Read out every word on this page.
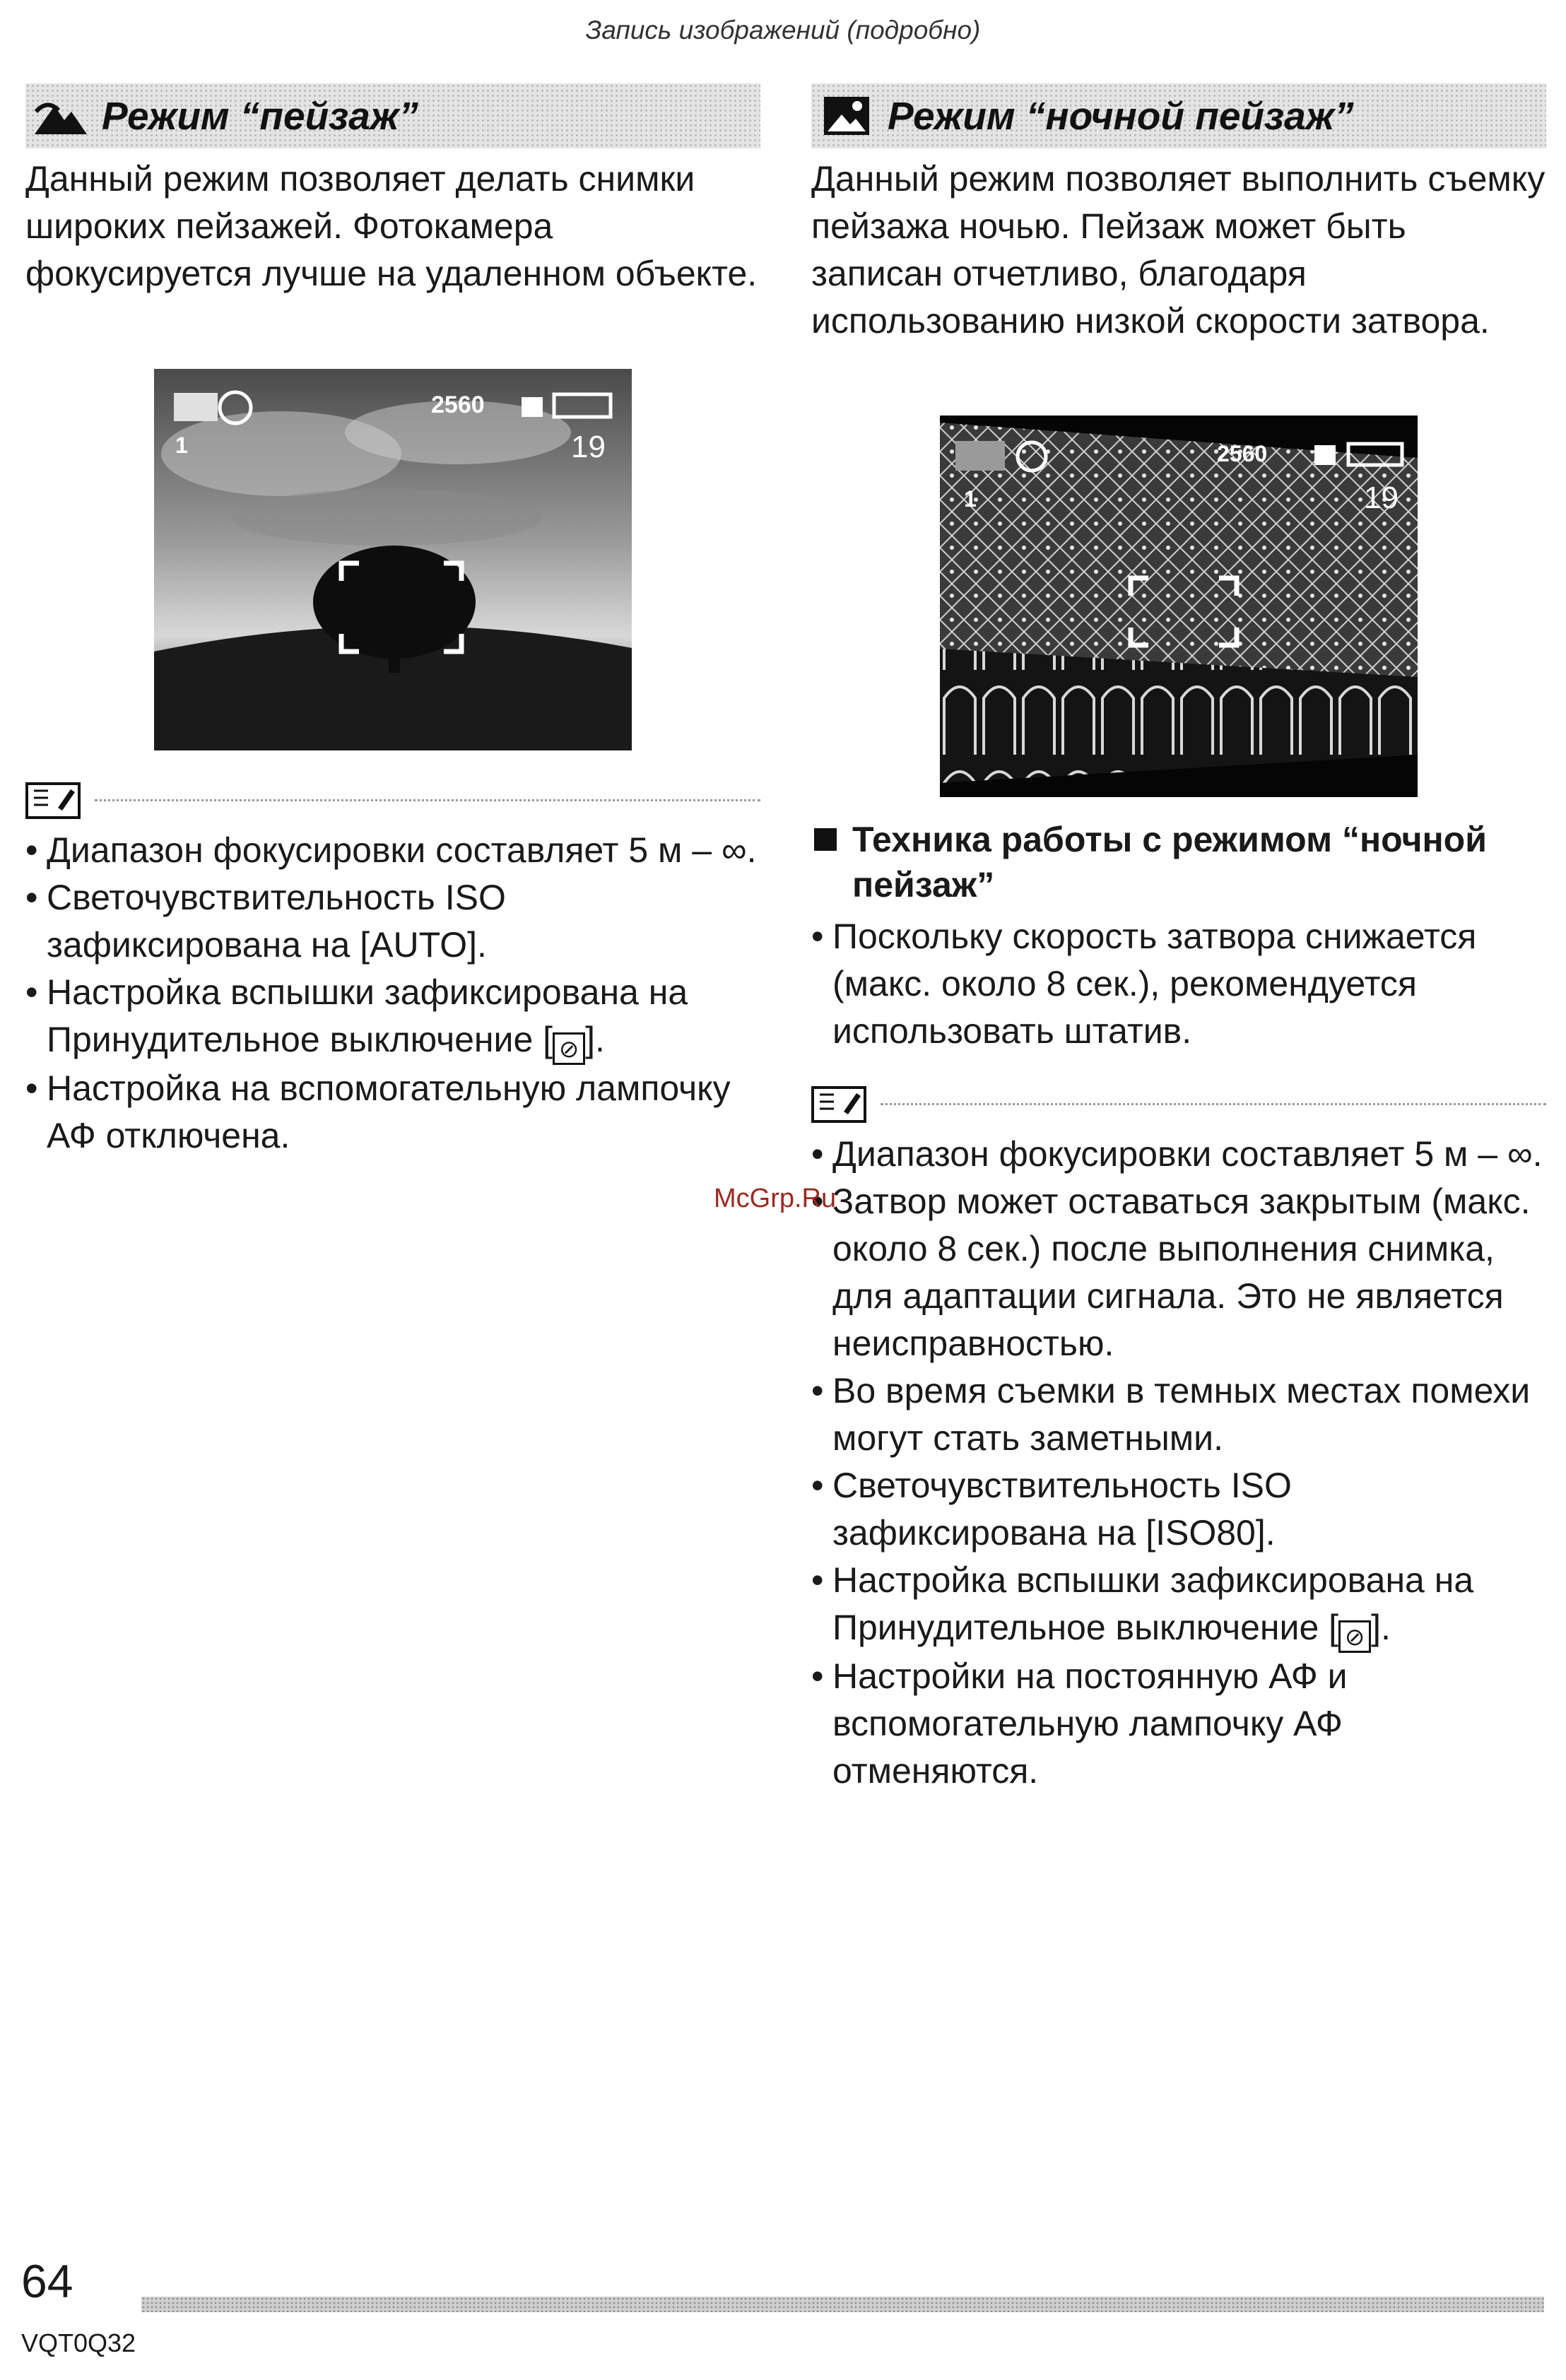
Запись изображений (подробно)
Режим “пейзаж”

Данный режим позволяет делать снимки широких пейзажей. Фотокамера фокусируется лучше на удаленном объекте.

2560
1	19
• Диапазон фокусировки составляет 5 м – ∞.
• Светочувствительность ISO зафиксирована на [AUTO].
• Настройка вспышки зафиксирована на Принудительное выключение [ ⊘ ].
• Настройка на вспомогательную лампочку АФ отключена.
Режим “ночной пейзаж”

Данный режим позволяет выполнить съемку пейзажа ночью. Пейзаж может быть записан отчетливо, благодаря использованию низкой скорости затвора.

2560
1	19
Техника работы с режимом “ночной пейзаж”
• Поскольку скорость затвора снижается (макс. около 8 сек.), рекомендуется использовать штатив.
• Диапазон фокусировки составляет 5 м – ∞.
• Затвор может оставаться закрытым (макс. около 8 сек.) после выполнения снимка, для адаптации сигнала. Это не является неисправностью.
• Во время съемки в темных местах помехи могут стать заметными.
• Светочувствительность ISO зафиксирована на [ISO80].
• Настройка вспышки зафиксирована на Принудительное выключение [ ⊘ ].
• Настройки на постоянную АФ и вспомогательную лампочку АФ отменяются.
McGrp.Ru
64
VQT0Q32
